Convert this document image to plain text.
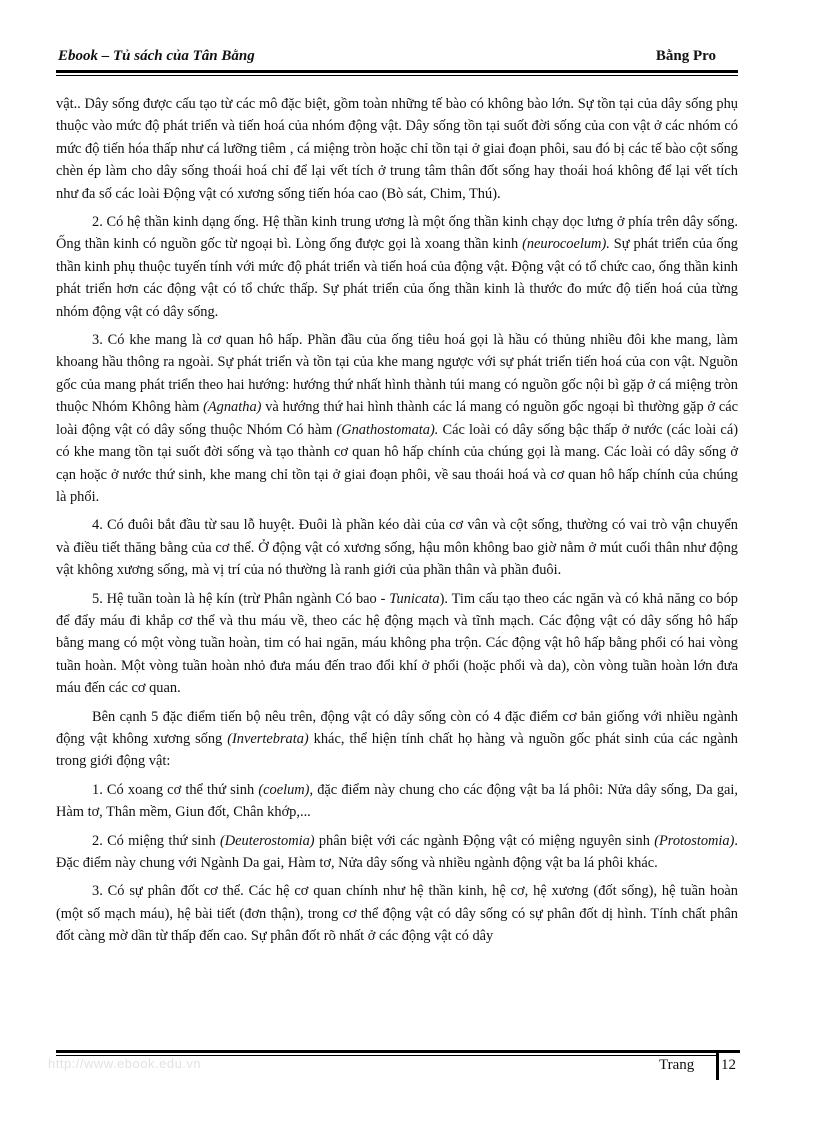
Ebook – Tủ sách của Tân Bằng	Bằng Pro

vật.. Dây sống được cấu tạo từ các mô đặc biệt, gồm toàn những tế bào có không bào lớn. Sự tồn tại của dây sống phụ thuộc vào mức độ phát triển và tiến hoá của nhóm động vật. Dây sống tồn tại suốt đời sống của con vật ở các nhóm có mức độ tiến hóa thấp như cá lưỡng tiêm , cá miệng tròn hoặc chỉ tồn tại ở giai đoạn phôi, sau đó bị các tế bào cột sống chèn ép làm cho dây sống thoái hoá chỉ để lại vết tích ở trung tâm thân đốt sống hay thoái hoá không để lại vết tích như đa số các loài Động vật có xương sống tiến hóa cao (Bò sát, Chim, Thú).

2. Có hệ thần kinh dạng ống. Hệ thần kinh trung ương là một ống thần kinh chạy dọc lưng ở phía trên dây sống. Ống thần kinh có nguồn gốc từ ngoại bì. Lòng ống được gọi là xoang thần kinh (neurocoelum). Sự phát triển của ống thần kinh phụ thuộc tuyến tính với mức độ phát triển và tiến hoá của động vật. Động vật có tổ chức cao, ống thần kinh phát triển hơn các động vật có tổ chức thấp. Sự phát triển của ống thần kinh là thước đo mức độ tiến hoá của từng nhóm động vật có dây sống.

3. Có khe mang là cơ quan hô hấp. Phần đầu của ống tiêu hoá gọi là hầu có thủng nhiều đôi khe mang, làm khoang hầu thông ra ngoài. Sự phát triển và tồn tại của khe mang ngược với sự phát triển tiến hoá của con vật. Nguồn gốc của mang phát triển theo hai hướng: hướng thứ nhất hình thành túi mang có nguồn gốc nội bì gặp ở cá miệng tròn thuộc Nhóm Không hàm (Agnatha) và hướng thứ hai hình thành các lá mang có nguồn gốc ngoại bì thường gặp ở các loài động vật có dây sống thuộc Nhóm Có hàm (Gnathostomata). Các loài có dây sống bậc thấp ở nước (các loài cá) có khe mang tồn tại suốt đời sống và tạo thành cơ quan hô hấp chính của chúng gọi là mang. Các loài có dây sống ở cạn hoặc ở nước thứ sinh, khe mang chỉ tồn tại ở giai đoạn phôi, về sau thoái hoá và cơ quan hô hấp chính của chúng là phổi.

4. Có đuôi bắt đầu từ sau lỗ huyệt. Đuôi là phần kéo dài của cơ vân và cột sống, thường có vai trò vận chuyển và điều tiết thăng bằng của cơ thể. Ở động vật có xương sống, hậu môn không bao giờ nằm ở mút cuối thân như động vật không xương sống, mà vị trí của nó thường là ranh giới của phần thân và phần đuôi.

5. Hệ tuần toàn là hệ kín (trừ Phân ngành Có bao - Tunicata). Tim cấu tạo theo các ngăn và có khả năng co bóp để đẩy máu đi khắp cơ thể và thu máu về, theo các hệ động mạch và tĩnh mạch. Các động vật có dây sống hô hấp bằng mang có một vòng tuần hoàn, tim có hai ngăn, máu không pha trộn. Các động vật hô hấp bằng phổi có hai vòng tuần hoàn. Một vòng tuần hoàn nhỏ đưa máu đến trao đổi khí ở phổi (hoặc phổi và da), còn vòng tuần hoàn lớn đưa máu đến các cơ quan.

Bên cạnh 5 đặc điểm tiến bộ nêu trên, động vật có dây sống còn có 4 đặc điểm cơ bản giống với nhiều ngành động vật không xương sống (Invertebrata) khác, thể hiện tính chất họ hàng và nguồn gốc phát sinh của các ngành trong giới động vật:

1. Có xoang cơ thể thứ sinh (coelum), đặc điểm này chung cho các động vật ba lá phôi: Nửa dây sống, Da gai, Hàm tơ, Thân mềm, Giun đốt, Chân khớp,...

2. Có miệng thứ sinh (Deuterostomia) phân biệt với các ngành Động vật có miệng nguyên sinh (Protostomia). Đặc điểm này chung với Ngành Da gai, Hàm tơ, Nửa dây sống và nhiều ngành động vật ba lá phôi khác.

3. Có sự phân đốt cơ thể. Các hệ cơ quan chính như hệ thần kinh, hệ cơ, hệ xương (đốt sống), hệ tuần hoàn (một số mạch máu), hệ bài tiết (đơn thận), trong cơ thể động vật có dây sống có sự phân đốt dị hình. Tính chất phân đốt càng mờ dần từ thấp đến cao. Sự phân đốt rõ nhất ở các động vật có dây

http://www.ebook.edu.vn	Trang 12
